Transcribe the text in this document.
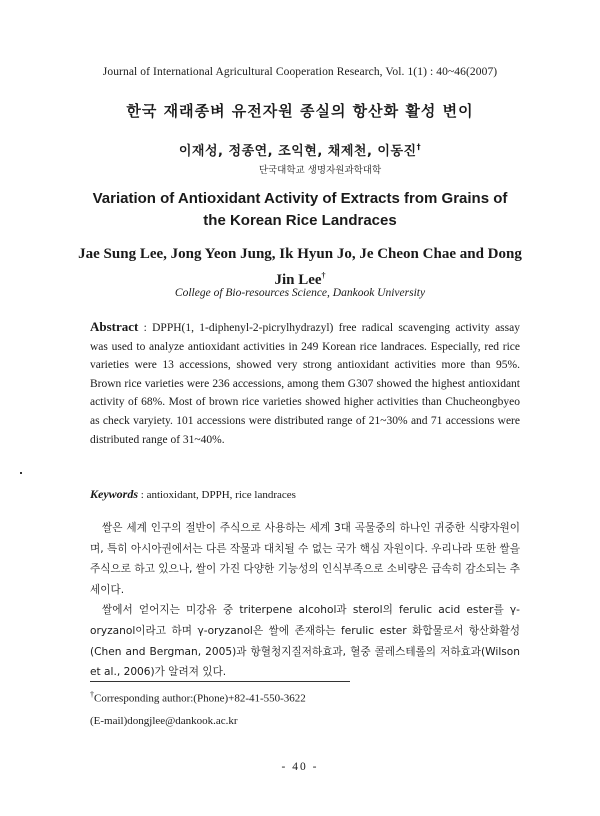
Journal of International Agricultural Cooperation Research, Vol. 1(1) : 40~46(2007)
한국 재래종벼 유전자원 종실의 항산화 활성 변이
이재성, 정종연, 조익현, 채제천, 이동진†
단국대학교 생명자원과학대학
Variation of Antioxidant Activity of Extracts from Grains of the Korean Rice Landraces
Jae Sung Lee, Jong Yeon Jung, Ik Hyun Jo, Je Cheon Chae and Dong Jin Lee†
College of Bio-resources Science, Dankook University
Abstract : DPPH(1, 1-diphenyl-2-picrylhydrazyl) free radical scavenging activity assay was used to analyze antioxidant activities in 249 Korean rice landraces. Especially, red rice varieties were 13 accessions, showed very strong antioxidant activities more than 95%. Brown rice varieties were 236 accessions, among them G307 showed the highest antioxidant activity of 68%. Most of brown rice varieties showed higher activities than Chucheongbyeo as check varyiety. 101 accessions were distributed range of 21~30% and 71 accessions were distributed range of 31~40%.
Keywords : antioxidant, DPPH, rice landraces

쌀은 세계 인구의 절반이 주식으로 사용하는 세계 3대 곡물중의 하나인 귀중한 식량자원이며, 특히 아시아권에서는 다른 작물과 대치될 수 없는 국가 핵심 자원이다. 우리나라 또한 쌀을 주식으로 하고 있으나, 쌀이 가진 다양한 기능성의 인식부족으로 소비량은 급속히 감소되는 추세이다.

쌀에서 얻어지는 미강유 중 triterpene alcohol과 sterol의 ferulic acid ester를 γ-oryzanol이라고 하며 γ-oryzanol은 쌀에 존재하는 ferulic ester 화합물로서 항산화활성(Chen and Bergman, 2005)과 항혈청지질저하효과, 혈중 콜레스테롤의 저하효과(Wilson et al., 2006)가 알려져 있다.

†Corresponding author:(Phone)+82-41-550-3622
(E-mail)dongjlee@dankook.ac.kr
- 40 -
